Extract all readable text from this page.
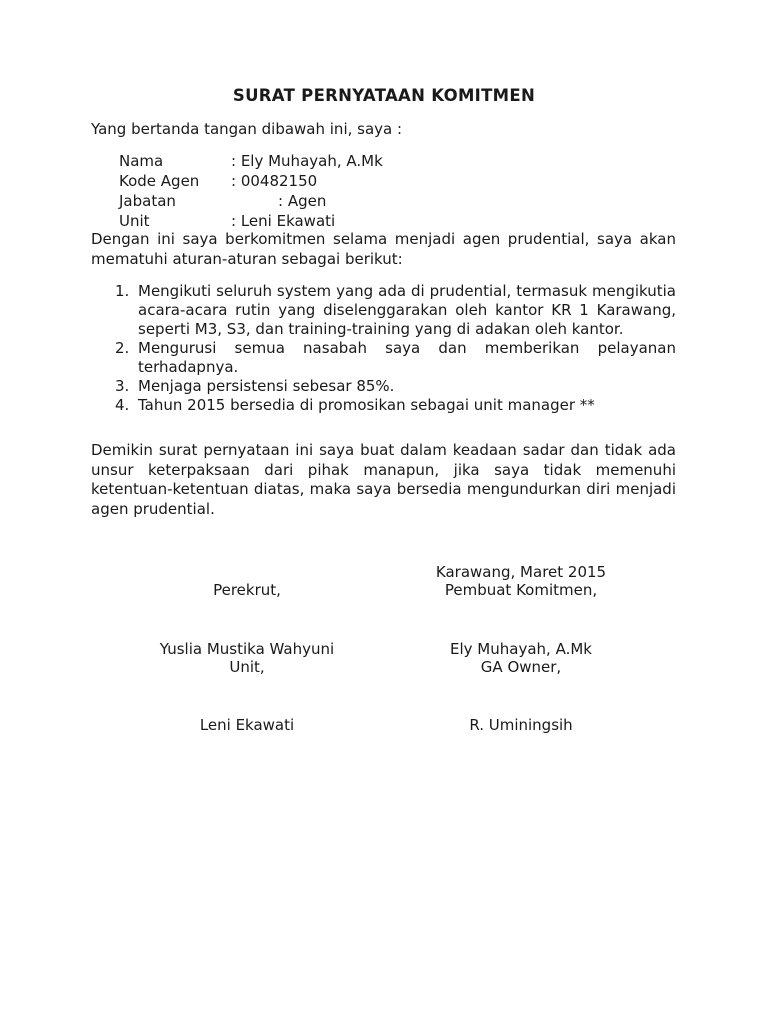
SURAT PERNYATAAN KOMITMEN
Yang bertanda tangan dibawah ini, saya :
Nama	: Ely Muhayah, A.Mk
Kode Agen : 00482150
Jabatan	: Agen
Unit	: Leni Ekawati
Dengan ini saya berkomitmen selama menjadi agen prudential, saya akan mematuhi aturan-aturan sebagai berikut:
1. Mengikuti seluruh system yang ada di prudential, termasuk mengikutia acara-acara rutin yang diselenggarakan oleh kantor KR 1 Karawang, seperti M3, S3, dan training-training yang di adakan oleh kantor.
2. Mengurusi semua nasabah saya dan memberikan pelayanan terhadapnya.
3. Menjaga persistensi sebesar 85%.
4. Tahun 2015 bersedia di promosikan sebagai unit manager **
Demikin surat pernyataan ini saya buat dalam keadaan sadar dan tidak ada unsur keterpaksaan dari pihak manapun, jika saya tidak memenuhi ketentuan-ketentuan diatas, maka saya bersedia mengundurkan diri menjadi agen prudential.
Karawang, Maret 2015
Perekrut,	Pembuat Komitmen,
Yuslia Mustika Wahyuni	Ely Muhayah, A.Mk
Unit,	GA Owner,
Leni Ekawati	R. Uminingsih
